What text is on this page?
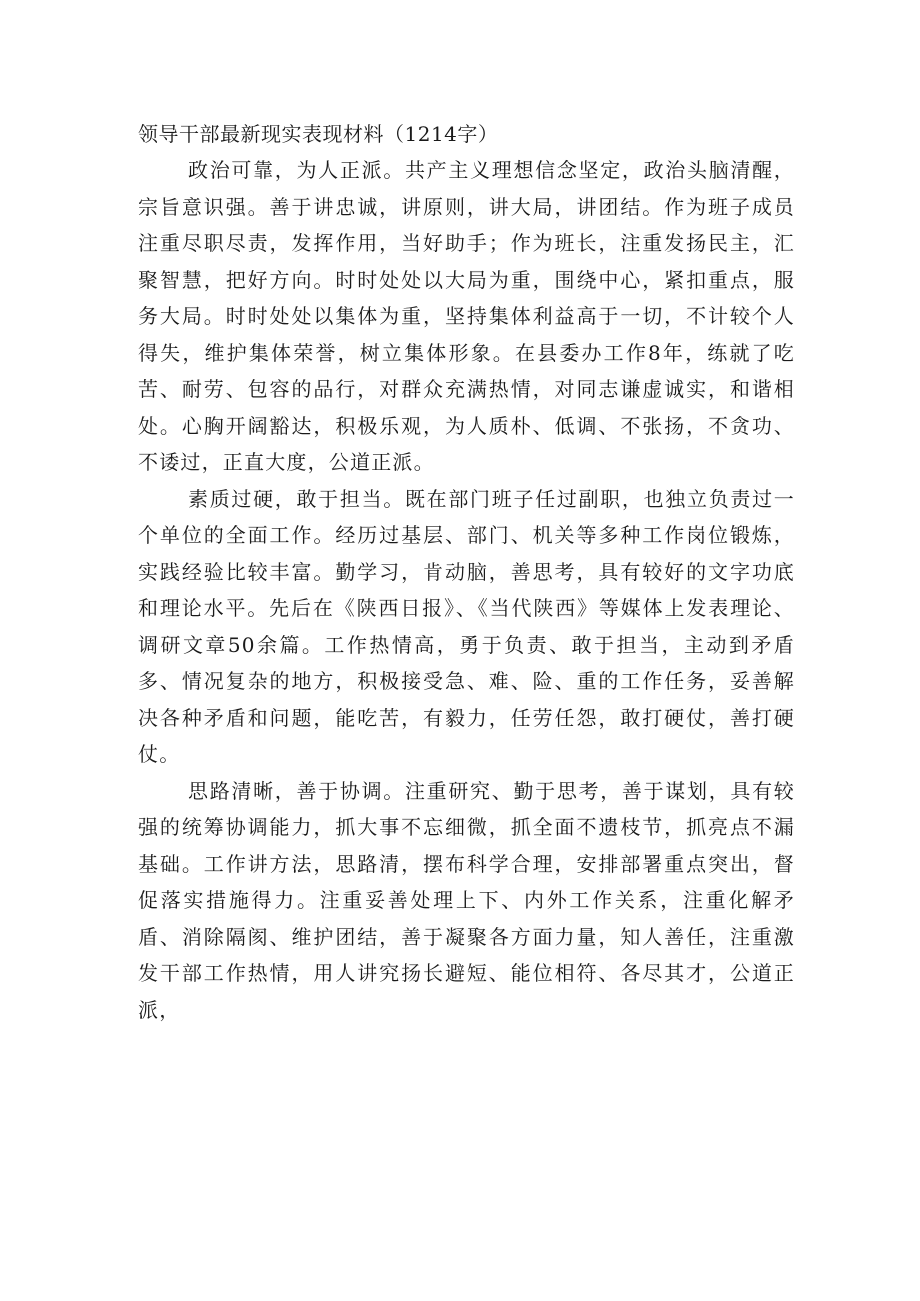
领导干部最新现实表现材料（1214字）

政治可靠，为人正派。共产主义理想信念坚定，政治头脑清醒，宗旨意识强。善于讲忠诚，讲原则，讲大局，讲团结。作为班子成员注重尽职尽责，发挥作用，当好助手；作为班长，注重发扬民主，汇聚智慧，把好方向。时时处处以大局为重，围绕中心，紧扣重点，服务大局。时时处处以集体为重，坚持集体利益高于一切，不计较个人得失，维护集体荣誉，树立集体形象。在县委办工作8年，练就了吃苦、耐劳、包容的品行，对群众充满热情，对同志谦虚诚实，和谐相处。心胸开阔豁达，积极乐观，为人质朴、低调、不张扬，不贪功、不诿过，正直大度，公道正派。

素质过硬，敢于担当。既在部门班子任过副职，也独立负责过一个单位的全面工作。经历过基层、部门、机关等多种工作岗位锻炼，实践经验比较丰富。勤学习，肯动脑，善思考，具有较好的文字功底和理论水平。先后在《陕西日报》、《当代陕西》等媒体上发表理论、调研文章50余篇。工作热情高，勇于负责、敢于担当，主动到矛盾多、情况复杂的地方，积极接受急、难、险、重的工作任务，妥善解决各种矛盾和问题，能吃苦，有毅力，任劳任怨，敢打硬仗，善打硬仗。

思路清晰，善于协调。注重研究、勤于思考，善于谋划，具有较强的统筹协调能力，抓大事不忘细微，抓全面不遗枝节，抓亮点不漏基础。工作讲方法，思路清，摆布科学合理，安排部署重点突出，督促落实措施得力。注重妥善处理上下、内外工作关系，注重化解矛盾、消除隔阂、维护团结，善于凝聚各方面力量，知人善任，注重激发干部工作热情，用人讲究扬长避短、能位相符、各尽其才，公道正派，
